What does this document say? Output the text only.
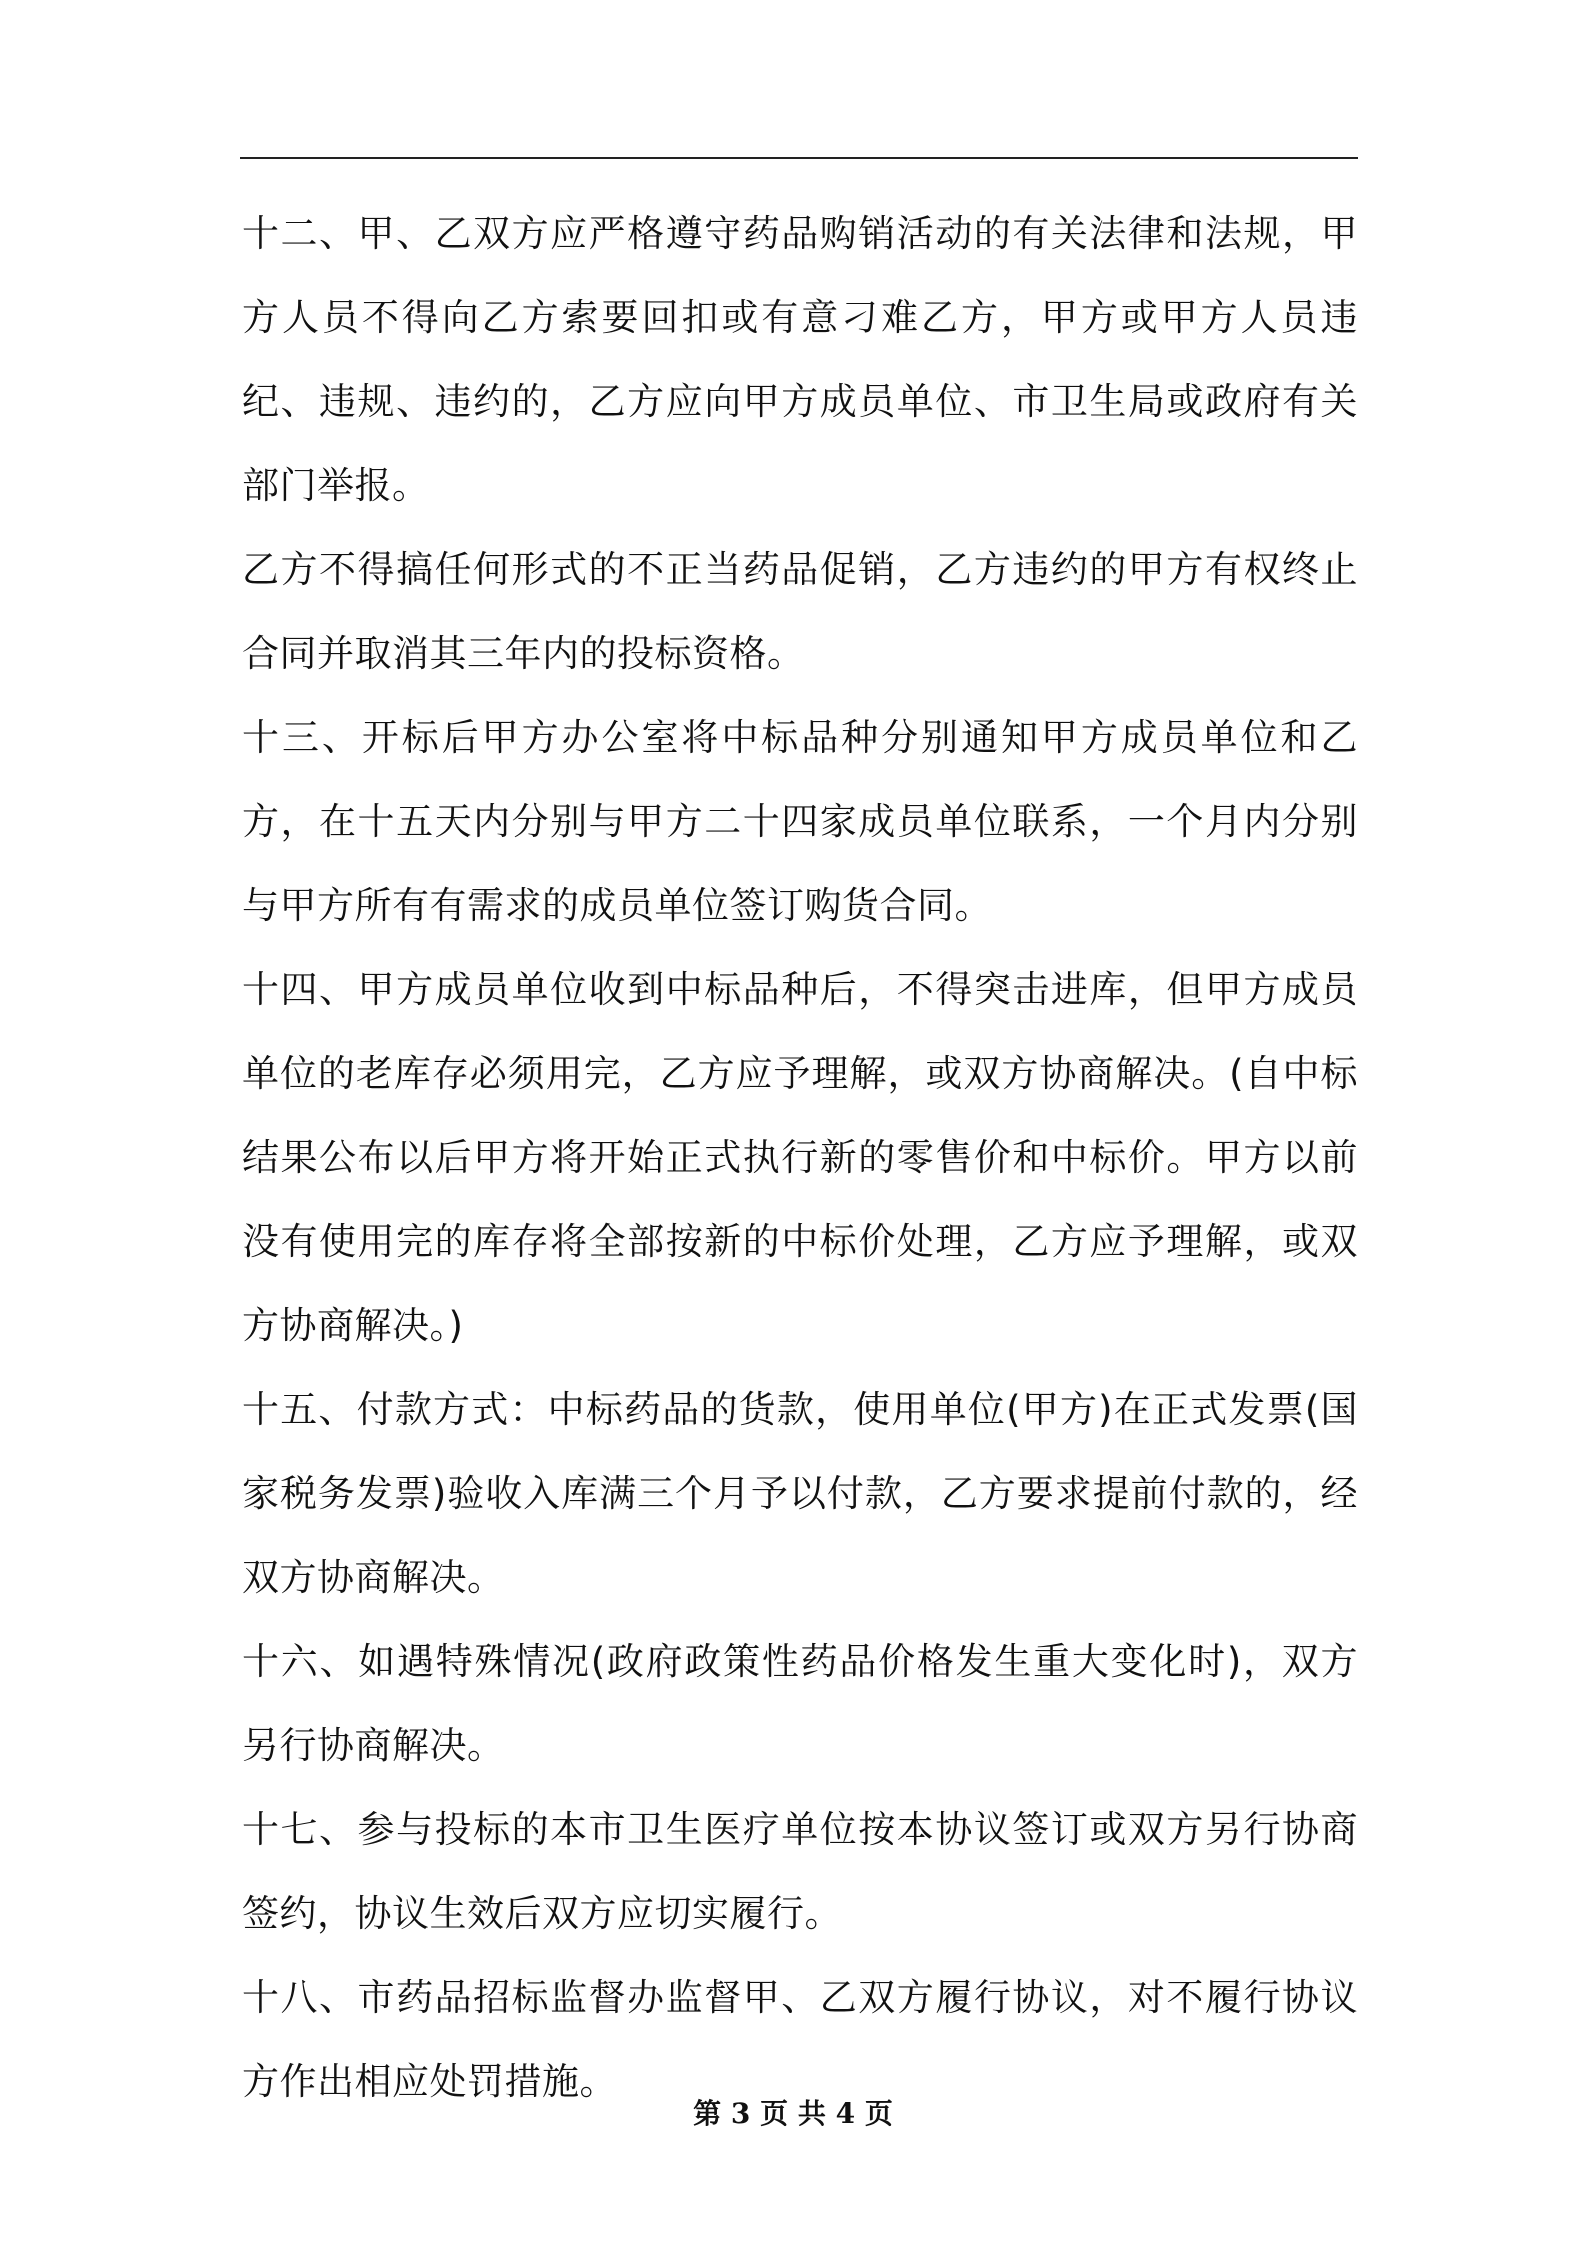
十二、甲、乙双方应严格遵守药品购销活动的有关法律和法规，甲方人员不得向乙方索要回扣或有意刁难乙方，甲方或甲方人员违纪、违规、违约的，乙方应向甲方成员单位、市卫生局或政府有关部门举报。

乙方不得搞任何形式的不正当药品促销，乙方违约的甲方有权终止合同并取消其三年内的投标资格。

十三、开标后甲方办公室将中标品种分别通知甲方成员单位和乙方，在十五天内分别与甲方二十四家成员单位联系，一个月内分别与甲方所有有需求的成员单位签订购货合同。

十四、甲方成员单位收到中标品种后，不得突击进库，但甲方成员单位的老库存必须用完，乙方应予理解，或双方协商解决。(自中标结果公布以后甲方将开始正式执行新的零售价和中标价。甲方以前没有使用完的库存将全部按新的中标价处理，乙方应予理解，或双方协商解决。)

十五、付款方式：中标药品的货款，使用单位(甲方)在正式发票(国家税务发票)验收入库满三个月予以付款，乙方要求提前付款的，经双方协商解决。

十六、如遇特殊情况(政府政策性药品价格发生重大变化时)，双方另行协商解决。

十七、参与投标的本市卫生医疗单位按本协议签订或双方另行协商签约，协议生效后双方应切实履行。

十八、市药品招标监督办监督甲、乙双方履行协议，对不履行协议方作出相应处罚措施。

第 3 页 共 4 页
